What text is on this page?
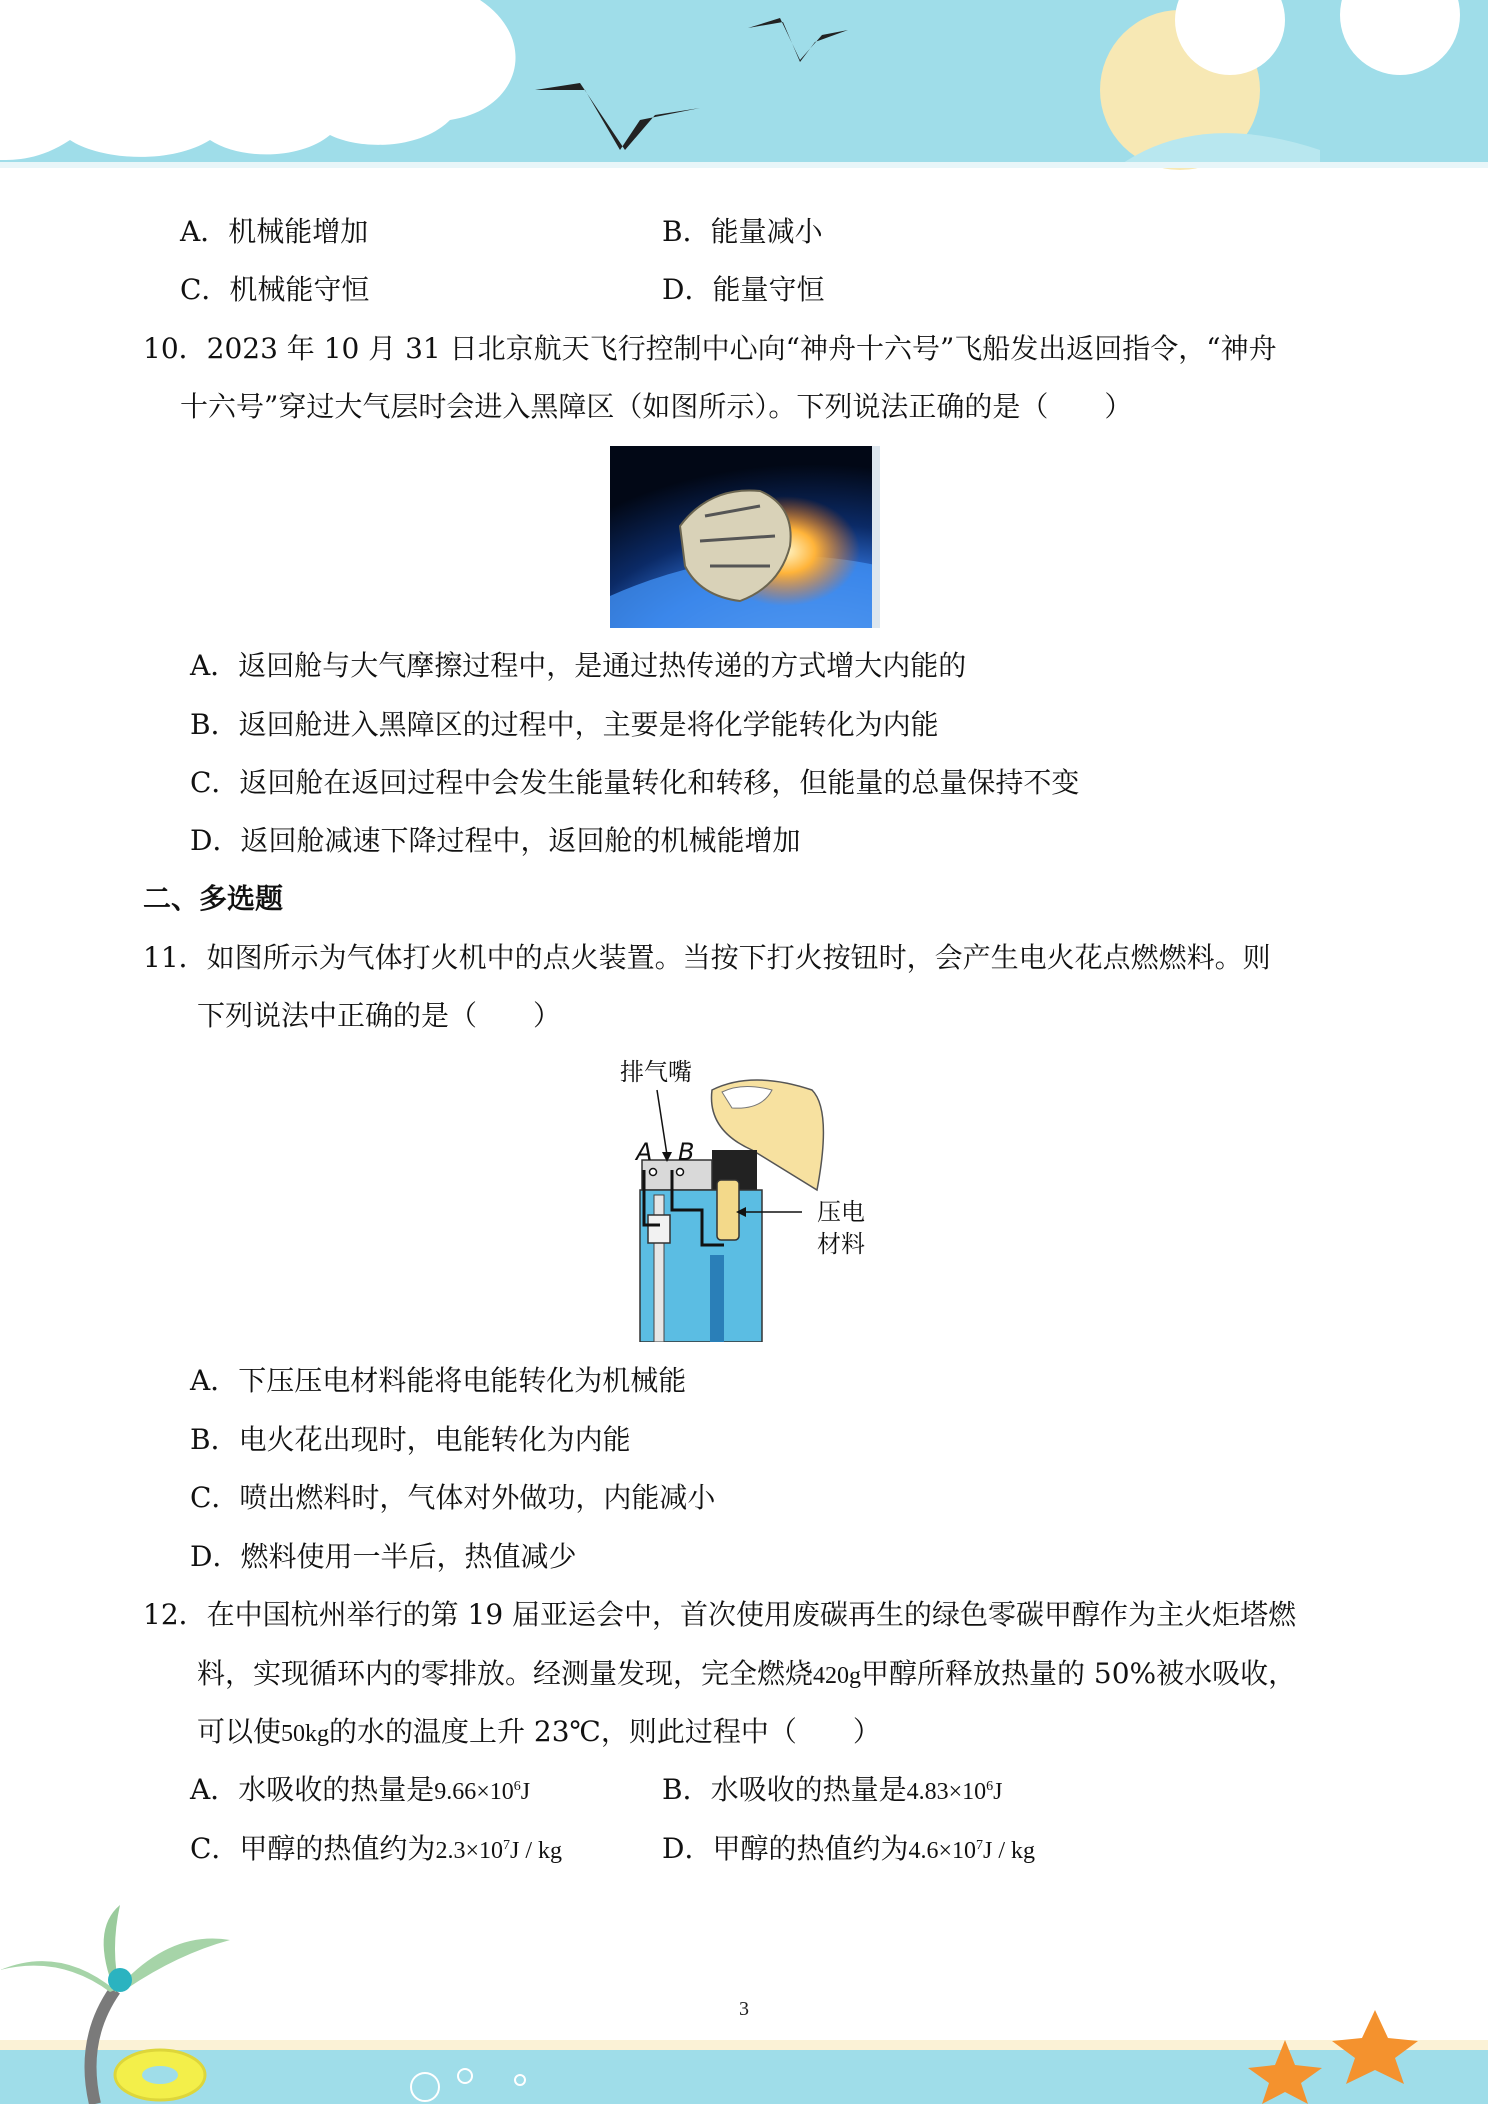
A．机械能增加	B．能量减小
C．机械能守恒	D．能量守恒
10．2023 年 10 月 31 日北京航天飞行控制中心向“神舟十六号”飞船发出返回指令，“神舟
十六号”穿过大气层时会进入黑障区（如图所示）。下列说法正确的是（　　）
A．返回舱与大气摩擦过程中，是通过热传递的方式增大内能的
B．返回舱进入黑障区的过程中，主要是将化学能转化为内能
C．返回舱在返回过程中会发生能量转化和转移，但能量的总量保持不变
D．返回舱减速下降过程中，返回舱的机械能增加
二、多选题
11．如图所示为气体打火机中的点火装置。当按下打火按钮时，会产生电火花点燃燃料。则
下列说法中正确的是（　　）
排气嘴
A B
压电
材料
A．下压压电材料能将电能转化为机械能
B．电火花出现时，电能转化为内能
C．喷出燃料时，气体对外做功，内能减小
D．燃料使用一半后，热值减少
12．在中国杭州举行的第 19 届亚运会中，首次使用废碳再生的绿色零碳甲醇作为主火炬塔燃
料，实现循环内的零排放。经测量发现，完全燃烧420g甲醇所释放热量的 50%被水吸收，
可以使50kg的水的温度上升 23℃，则此过程中（　　）
A．水吸收的热量是$9.66\times 10^6J$	B．水吸收的热量是$4.83\times 10^6J$
C．甲醇的热值约为$2.3\times 10^7J$ / kg	D．甲醇的热值约为$4.6\times 10^7J$ / kg
3
